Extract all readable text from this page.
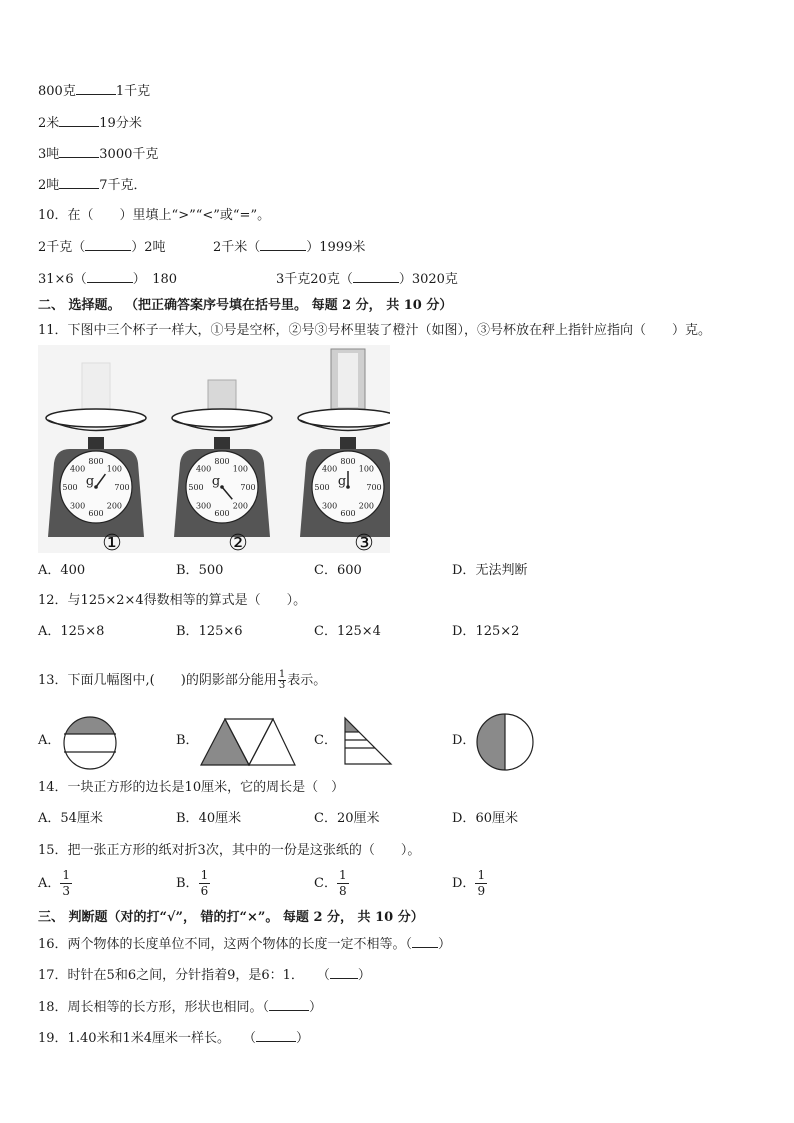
800克	1千克
2米	19分米
3吨	3000千克
2吨	7千克．
10．在（　　）里填上“>”“<”或“=”。
2千克（	）2吨	2千米（	）1999米
31×6（	）　180	3千克20克（	）3020克
二、 选择题。 （把正确答案序号填在括号里。 每题 2 分， 共 10 分）
11．下图中三个杯子一样大，①号是空杯，②号③号杯里装了橙汁（如图），③号杯放在秤上指针应指向（　　）克。
800
100
700
200
600
300
500
400
g
①
800
100
700
200
600
300
500
400
g
②
800
100
700
200
600
300
500
400
g
③
A．400	B．500	C．600	D．无法判断
12．与125×2×4得数相等的算式是（　　）。
A．125×8	B．125×6	C．125×4	D．125×2
13．下面几幅图中,(　　)的阴影部分能用 $\frac{1}{3}$ 表示。
A．	B．	C．	D．
14．一块正方形的边长是10厘米，它的周长是（　）
A．54厘米	B．40厘米	C．20厘米	D．60厘米
15．把一张正方形的纸对折3次，其中的一份是这张纸的（　　）。
A． $\frac{1}{3}$	B． $\frac{1}{6}$	C． $\frac{1}{8}$	D． $\frac{1}{9}$
三、 判断题（对的打“√”， 错的打“×”。 每题 2 分， 共 10 分）
16．两个物体的长度单位不同，这两个物体的长度一定不相等。（ ）
17．时针在5和6之间，分针指着9，是6：1．　　（ ）
18．周长相等的长方形，形状也相同。（	）
19．1.40米和1米4厘米一样长。　　（	）
